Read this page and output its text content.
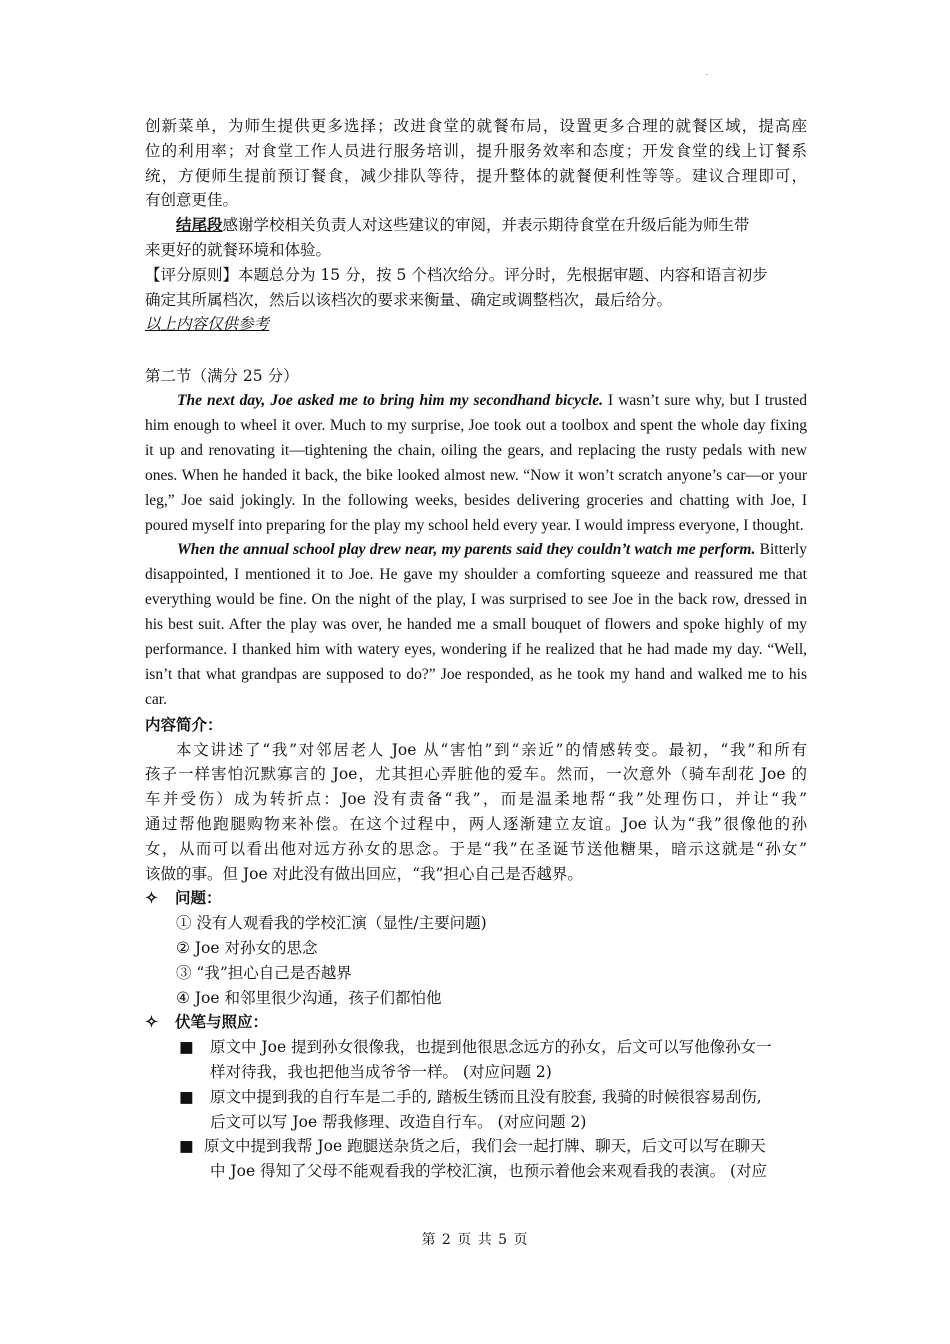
.
创新菜单，为师生提供更多选择；改进食堂的就餐布局，设置更多合理的就餐区域，提高座
位的利用率；对食堂工作人员进行服务培训，提升服务效率和态度；开发食堂的线上订餐系
统，方便师生提前预订餐食，减少排队等待，提升整体的就餐便利性等等。建议合理即可，
有创意更佳。
结尾段感谢学校相关负责人对这些建议的审阅，并表示期待食堂在升级后能为师生带
来更好的就餐环境和体验。
【评分原则】本题总分为 15 分，按 5 个档次给分。评分时，先根据审题、内容和语言初步
确定其所属档次，然后以该档次的要求来衡量、确定或调整档次，最后给分。
以上内容仅供参考
第二节（满分 25 分）
The next day, Joe asked me to bring him my secondhand bicycle. I wasn’t sure why, but I trusted him enough to wheel it over. Much to my surprise, Joe took out a toolbox and spent the whole day fixing it up and renovating it—tightening the chain, oiling the gears, and replacing the rusty pedals with new ones. When he handed it back, the bike looked almost new. “Now it won’t scratch anyone’s car—or your leg,” Joe said jokingly. In the following weeks, besides delivering groceries and chatting with Joe, I poured myself into preparing for the play my school held every year. I would impress everyone, I thought.
When the annual school play drew near, my parents said they couldn’t watch me perform. Bitterly disappointed, I mentioned it to Joe. He gave my shoulder a comforting squeeze and reassured me that everything would be fine. On the night of the play, I was surprised to see Joe in the back row, dressed in his best suit. After the play was over, he handed me a small bouquet of flowers and spoke highly of my performance. I thanked him with watery eyes, wondering if he realized that he had made my day. “Well, isn’t that what grandpas are supposed to do?” Joe responded, as he took my hand and walked me to his car.
内容简介：
本文讲述了“我”对邻居老人 Joe 从“害怕”到“亲近”的情感转变。最初，“我”和所有
孩子一样害怕沉默寡言的 Joe，尤其担心弄脏他的爱车。然而，一次意外（骑车刮花 Joe 的
车并受伤）成为转折点：Joe 没有责备“我”，而是温柔地帮“我”处理伤口，并让“我”
通过帮他跑腿购物来补偿。在这个过程中，两人逐渐建立友谊。Joe 认为“我”很像他的孙
女，从而可以看出他对远方孙女的思念。于是“我”在圣诞节送他糖果，暗示这就是“孙女”
该做的事。但 Joe 对此没有做出回应，“我”担心自己是否越界。
✧ 问题：
① 没有人观看我的学校汇演（显性/主要问题)
② Joe 对孙女的思念
③ “我”担心自己是否越界
④ Joe 和邻里很少沟通，孩子们都怕他
✧ 伏笔与照应：
■ 原文中 Joe 提到孙女很像我，也提到他很思念远方的孙女，后文可以写他像孙女一
样对待我，我也把他当成爷爷一样。 (对应问题 2)
■ 原文中提到我的自行车是二手的, 踏板生锈而且没有胶套, 我骑的时候很容易刮伤,
后文可以写 Joe 帮我修理、改造自行车。 (对应问题 2)
■ 原文中提到我帮 Joe 跑腿送杂货之后，我们会一起打牌、聊天，后文可以写在聊天
中 Joe 得知了父母不能观看我的学校汇演，也预示着他会来观看我的表演。 (对应
第 2 页 共 5 页
